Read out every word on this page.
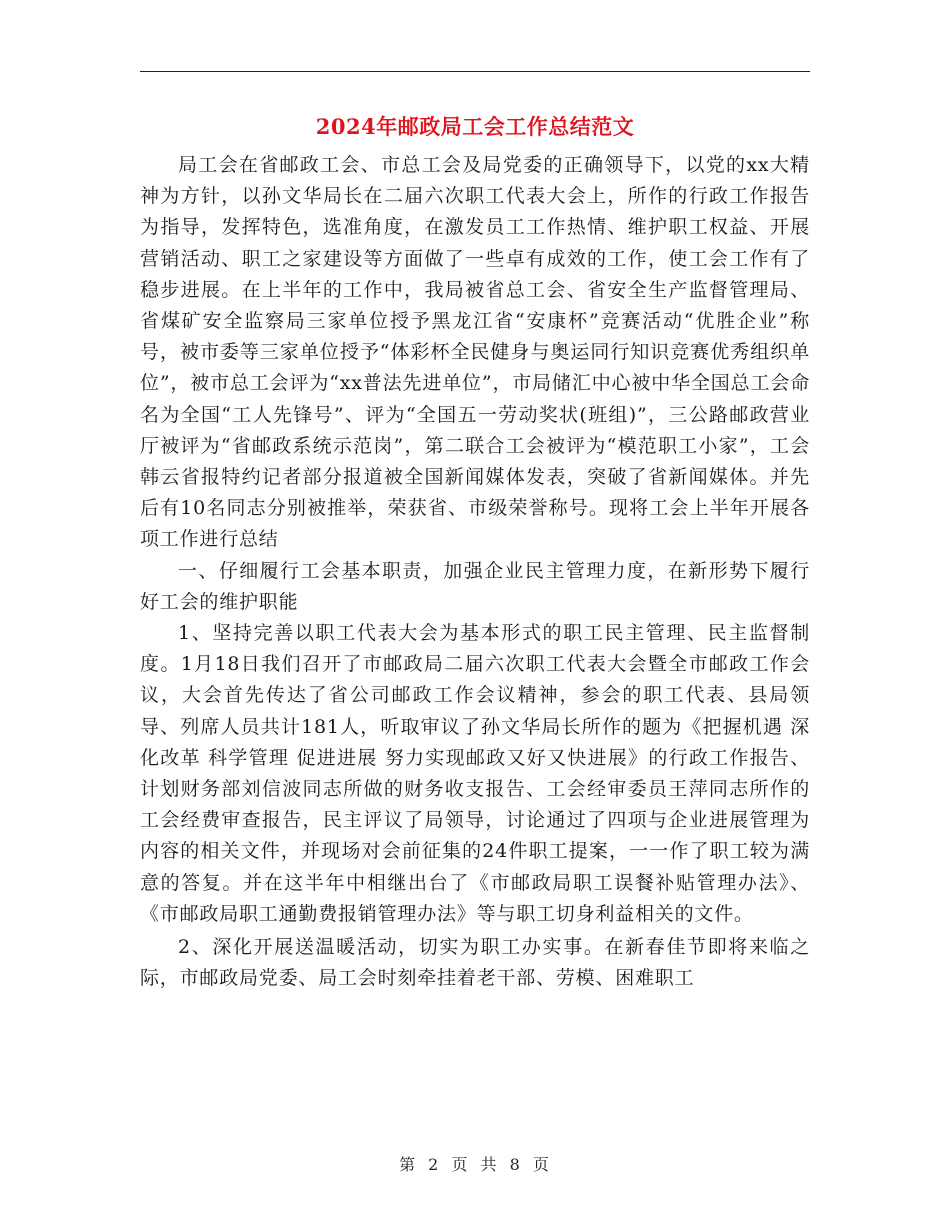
2024年邮政局工会工作总结范文

局工会在省邮政工会、市总工会及局党委的正确领导下，以党的xx大精神为方针，以孙文华局长在二届六次职工代表大会上，所作的行政工作报告为指导，发挥特色，选准角度，在激发员工工作热情、维护职工权益、开展营销活动、职工之家建设等方面做了一些卓有成效的工作，使工会工作有了稳步进展。在上半年的工作中，我局被省总工会、省安全生产监督管理局、省煤矿安全监察局三家单位授予黑龙江省“安康杯”竞赛活动“优胜企业”称号，被市委等三家单位授予“体彩杯全民健身与奥运同行知识竞赛优秀组织单位”，被市总工会评为“xx普法先进单位”，市局储汇中心被中华全国总工会命名为全国“工人先锋号”、评为“全国五一劳动奖状(班组)”，三公路邮政营业厅被评为“省邮政系统示范岗”，第二联合工会被评为“模范职工小家”，工会韩云省报特约记者部分报道被全国新闻媒体发表，突破了省新闻媒体。并先后有10名同志分别被推举，荣获省、市级荣誉称号。现将工会上半年开展各项工作进行总结

一、仔细履行工会基本职责，加强企业民主管理力度，在新形势下履行好工会的维护职能

1、坚持完善以职工代表大会为基本形式的职工民主管理、民主监督制度。1月18日我们召开了市邮政局二届六次职工代表大会暨全市邮政工作会议，大会首先传达了省公司邮政工作会议精神，参会的职工代表、县局领导、列席人员共计181人，听取审议了孙文华局长所作的题为《把握机遇 深化改革 科学管理 促进进展 努力实现邮政又好又快进展》的行政工作报告、计划财务部刘信波同志所做的财务收支报告、工会经审委员王萍同志所作的工会经费审查报告，民主评议了局领导，讨论通过了四项与企业进展管理为内容的相关文件，并现场对会前征集的24件职工提案，一一作了职工较为满意的答复。并在这半年中相继出台了《市邮政局职工误餐补贴管理办法》、《市邮政局职工通勤费报销管理办法》等与职工切身利益相关的文件。

2、深化开展送温暖活动，切实为职工办实事。在新春佳节即将来临之际，市邮政局党委、局工会时刻牵挂着老干部、劳模、困难职工

第 2 页 共 8 页
